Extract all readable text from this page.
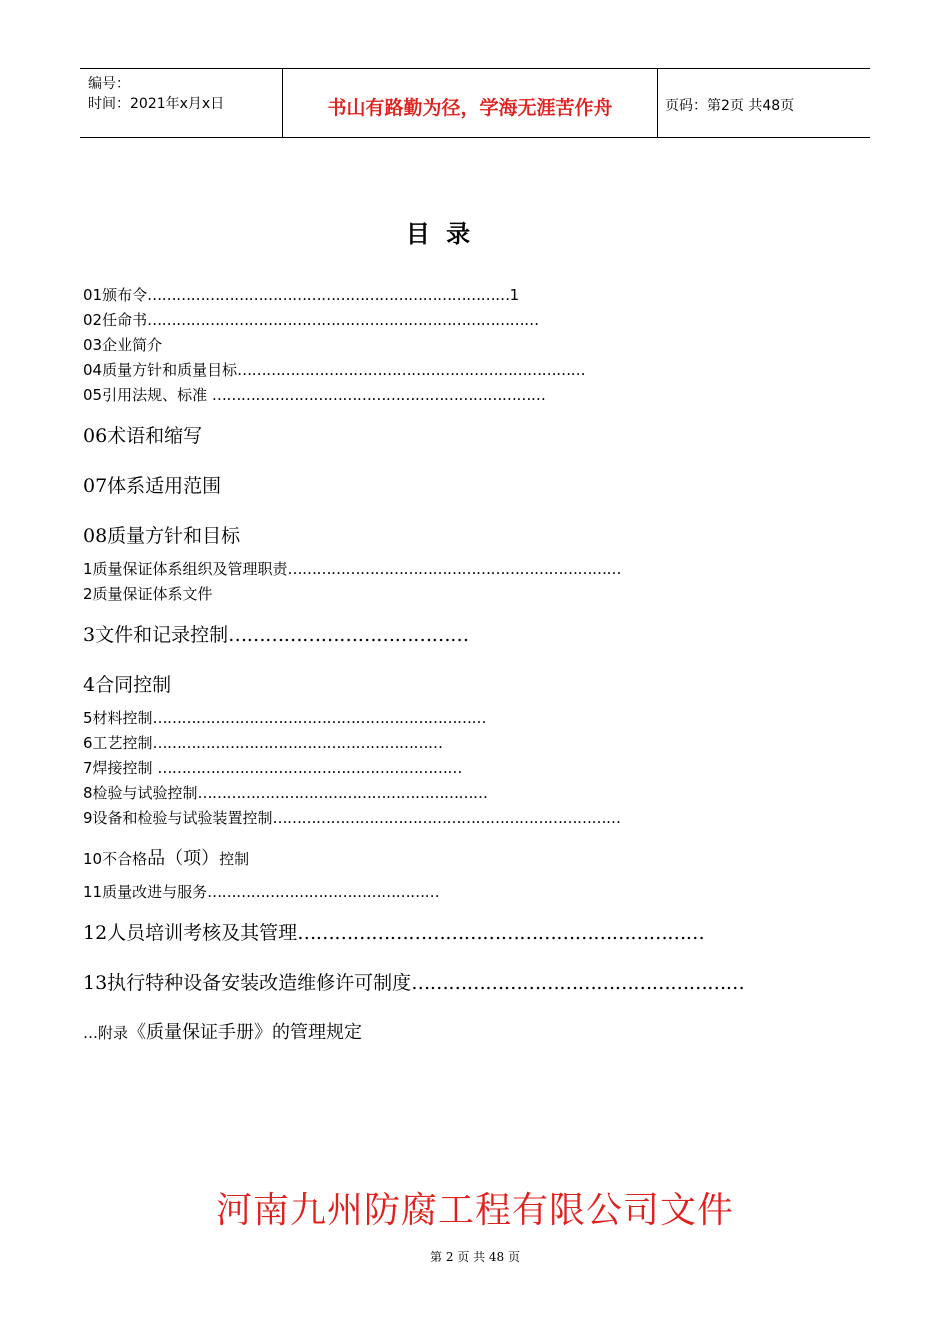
编号：
时间：2021年x月x日	书山有路勤为径，学海无涯苦作舟	页码：第2页 共48页
目 录
01颁布令…………………………………………………………………1
02任命书………………………………………………………………………
03企业简介
04质量方针和质量目标………………………………………………………………
05引用法规、标准 ……………………………………………………………
06术语和缩写
07体系适用范围
08质量方针和目标
1质量保证体系组织及管理职责……………………………………………………………
2质量保证体系文件
3文件和记录控制…………………………………
4合同控制
5材料控制……………………………………………………………
6工艺控制……………………………………………………
7焊接控制 ………………………………………………………
8检验与试验控制……………………………………………………
9设备和检验与试验装置控制………………………………………………………………
10不合格品（项）控制
11质量改进与服务…………………………………………
12人员培训考核及其管理…………………………………………………………
13执行特种设备安装改造维修许可制度………………………………………………
…附录《质量保证手册》的管理规定
河南九州防腐工程有限公司文件
第 2 页 共 48 页
